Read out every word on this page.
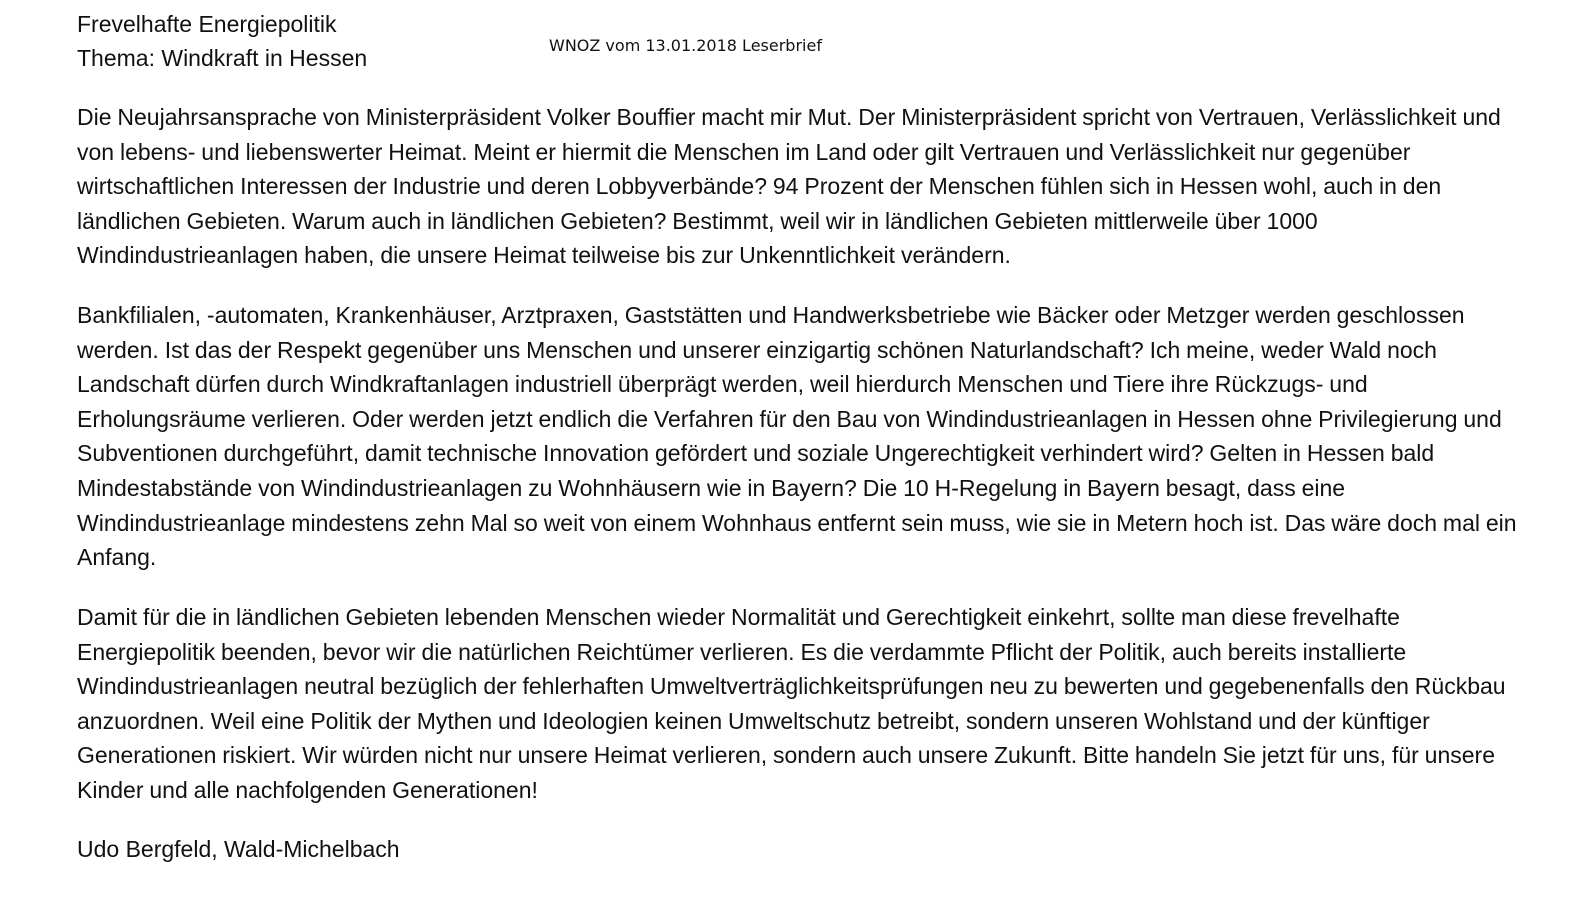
Frevelhafte Energiepolitik
Thema: Windkraft in Hessen	WNOZ vom 13.01.2018 Leserbrief

Die Neujahrsansprache von Ministerpräsident Volker Bouffier macht mir Mut. Der Ministerpräsident spricht von Vertrauen, Verlässlichkeit und von lebens- und liebenswerter Heimat. Meint er hiermit die Menschen im Land oder gilt Vertrauen und Verlässlichkeit nur gegenüber wirtschaftlichen Interessen der Industrie und deren Lobbyverbände? 94 Prozent der Menschen fühlen sich in Hessen wohl, auch in den ländlichen Gebieten. Warum auch in ländlichen Gebieten? Bestimmt, weil wir in ländlichen Gebieten mittlerweile über 1000 Windindustrieanlagen haben, die unsere Heimat teilweise bis zur Unkenntlichkeit verändern.

Bankfilialen, -automaten, Krankenhäuser, Arztpraxen, Gaststätten und Handwerksbetriebe wie Bäcker oder Metzger werden geschlossen werden. Ist das der Respekt gegenüber uns Menschen und unserer einzigartig schönen Naturlandschaft? Ich meine, weder Wald noch Landschaft dürfen durch Windkraftanlagen industriell überprägt werden, weil hierdurch Menschen und Tiere ihre Rückzugs- und Erholungsräume verlieren. Oder werden jetzt endlich die Verfahren für den Bau von Windindustrieanlagen in Hessen ohne Privilegierung und Subventionen durchgeführt, damit technische Innovation gefördert und soziale Ungerechtigkeit verhindert wird? Gelten in Hessen bald Mindestabstände von Windindustrieanlagen zu Wohnhäusern wie in Bayern? Die 10 H-Regelung in Bayern besagt, dass eine Windindustrieanlage mindestens zehn Mal so weit von einem Wohnhaus entfernt sein muss, wie sie in Metern hoch ist. Das wäre doch mal ein Anfang.

Damit für die in ländlichen Gebieten lebenden Menschen wieder Normalität und Gerechtigkeit einkehrt, sollte man diese frevelhafte Energiepolitik beenden, bevor wir die natürlichen Reichtümer verlieren. Es die verdammte Pflicht der Politik, auch bereits installierte Windindustrieanlagen neutral bezüglich der fehlerhaften Umweltverträglichkeitsprüfungen neu zu bewerten und gegebenenfalls den Rückbau anzuordnen. Weil eine Politik der Mythen und Ideologien keinen Umweltschutz betreibt, sondern unseren Wohlstand und der künftiger Generationen riskiert. Wir würden nicht nur unsere Heimat verlieren, sondern auch unsere Zukunft. Bitte handeln Sie jetzt für uns, für unsere Kinder und alle nachfolgenden Generationen!

Udo Bergfeld, Wald-Michelbach
